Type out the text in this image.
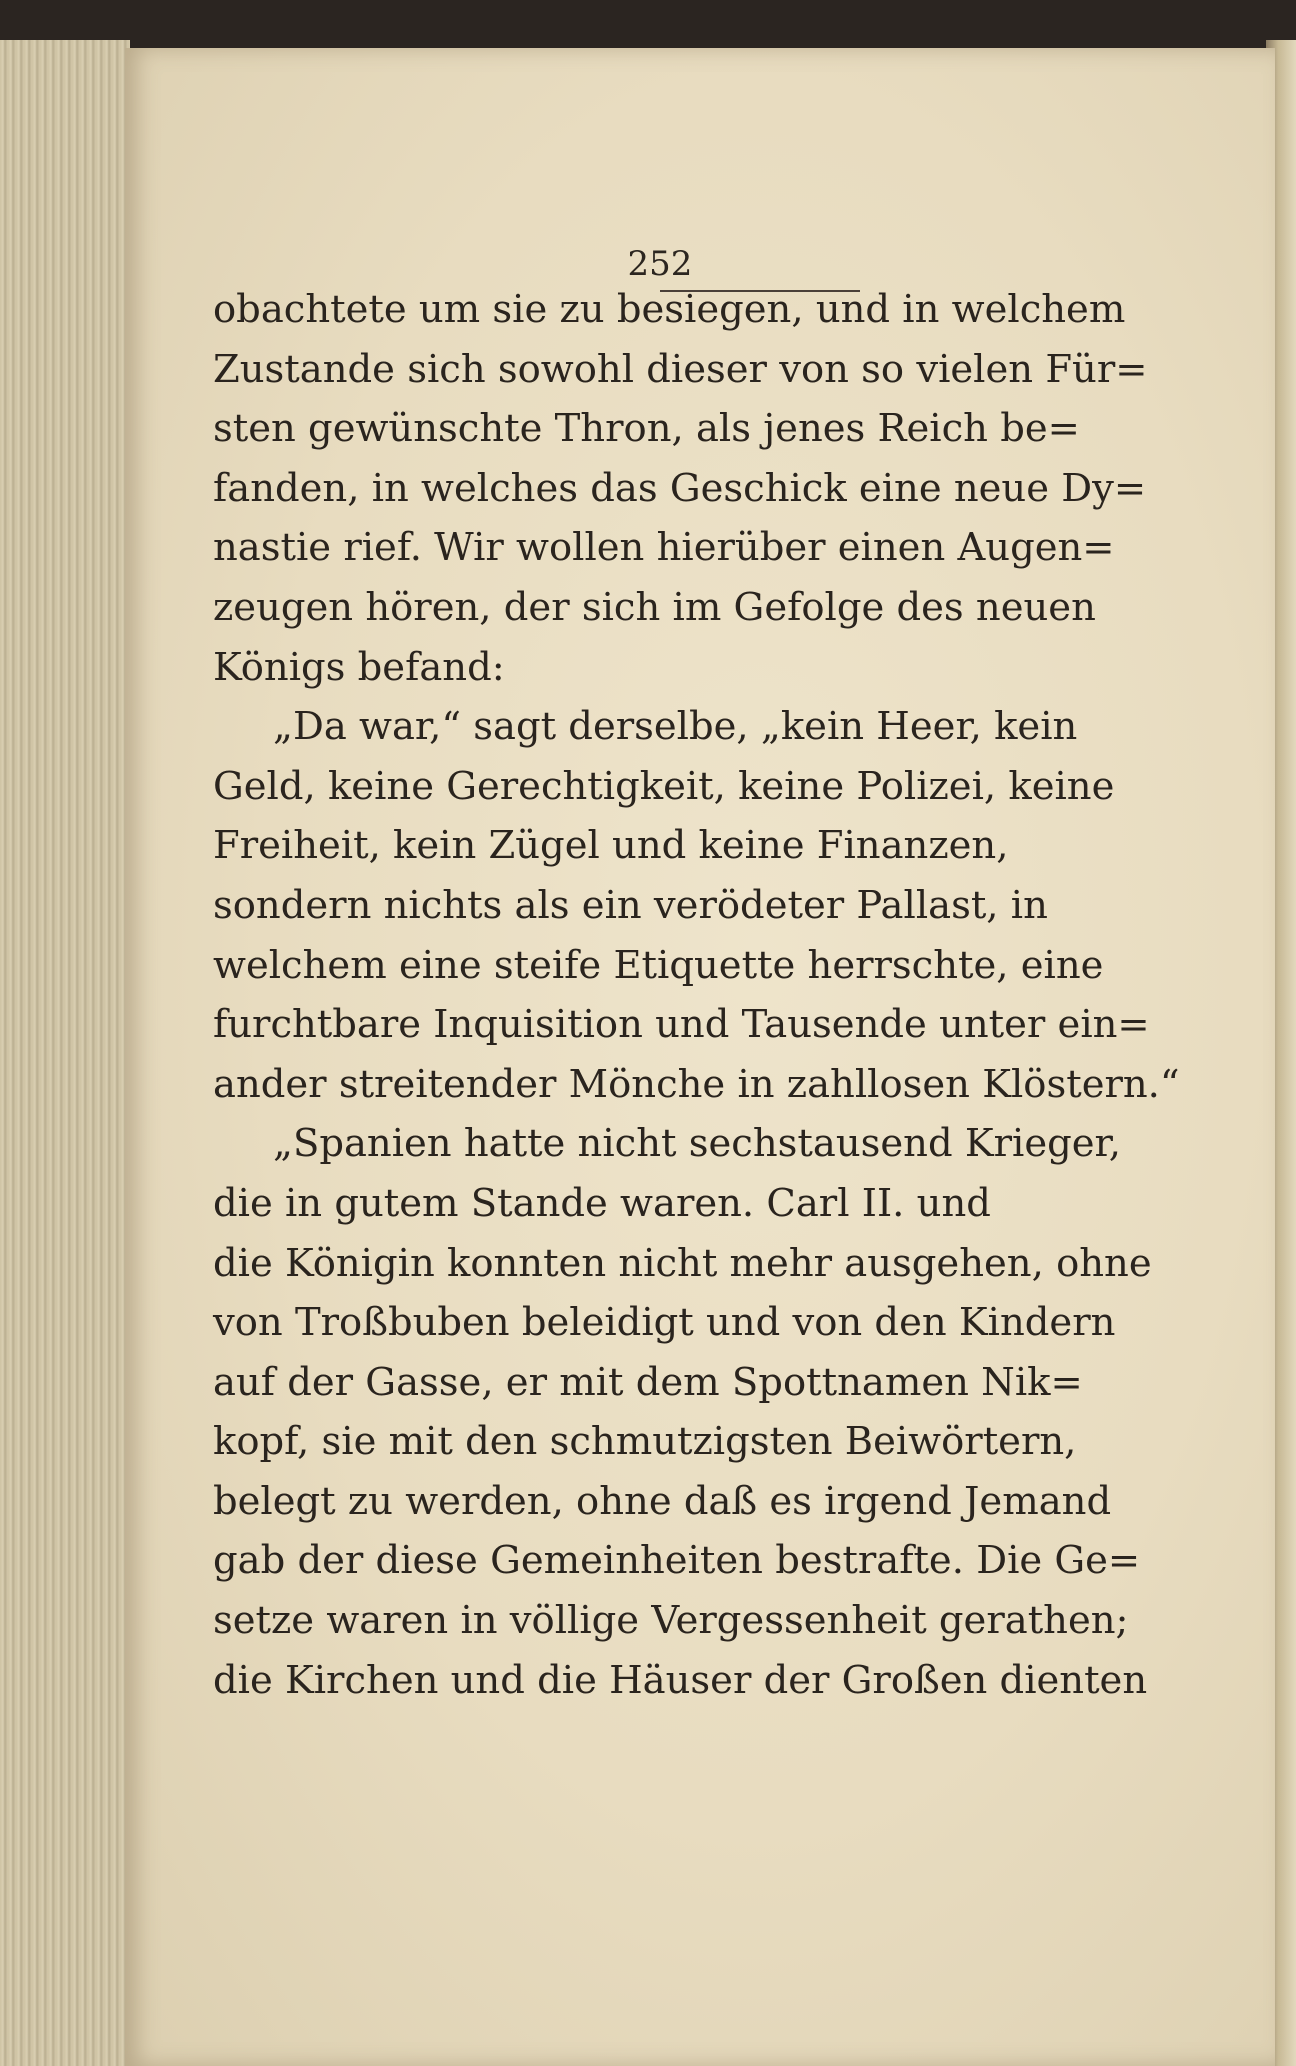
252
obachtete um sie zu besiegen, und in welchem
Zustande sich sowohl dieser von so vielen Für=
sten gewünschte Thron, als jenes Reich be=
fanden, in welches das Geschick eine neue Dy=
nastie rief. Wir wollen hierüber einen Augen=
zeugen hören, der sich im Gefolge des neuen
Königs befand:
„Da war,“ sagt derselbe, „kein Heer, kein
Geld, keine Gerechtigkeit, keine Polizei, keine
Freiheit, kein Zügel und keine Finanzen,
sondern nichts als ein verödeter Pallast, in
welchem eine steife Etiquette herrschte, eine
furchtbare Inquisition und Tausende unter ein=
ander streitender Mönche in zahllosen Klöstern.“
„Spanien hatte nicht sechstausend Krieger,
die in gutem Stande waren. Carl II. und
die Königin konnten nicht mehr ausgehen, ohne
von Troßbuben beleidigt und von den Kindern
auf der Gasse, er mit dem Spottnamen Nik=
kopf, sie mit den schmutzigsten Beiwörtern,
belegt zu werden, ohne daß es irgend Jemand
gab der diese Gemeinheiten bestrafte. Die Ge=
setze waren in völlige Vergessenheit gerathen;
die Kirchen und die Häuser der Großen dienten
